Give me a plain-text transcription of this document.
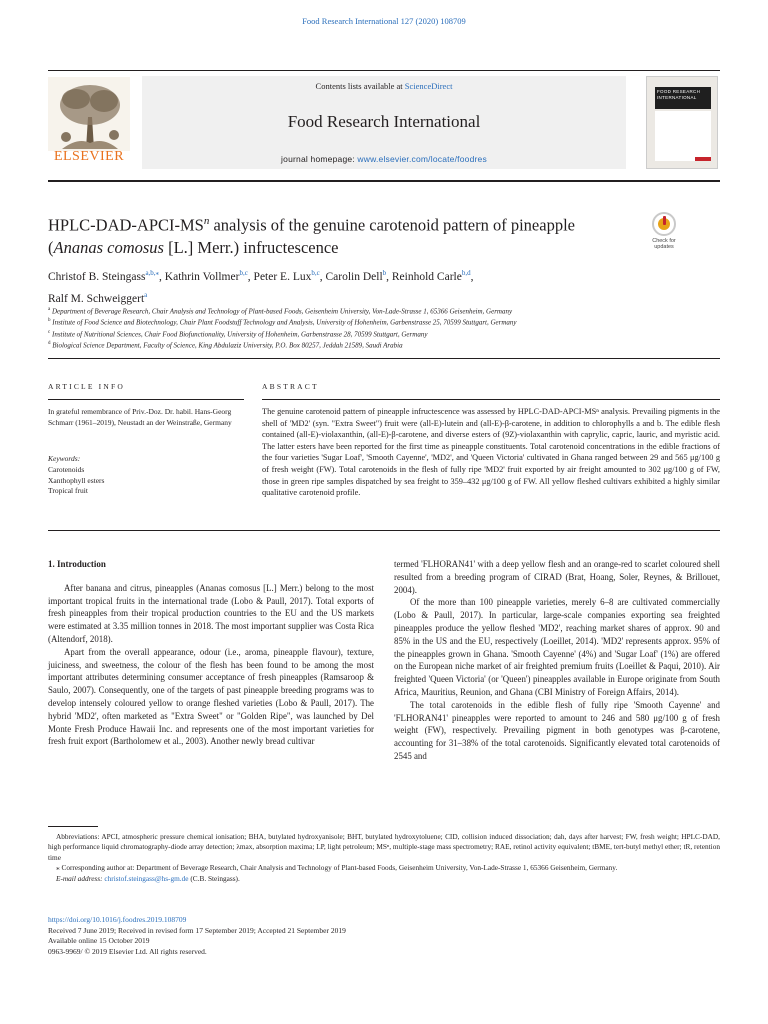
Food Research International 127 (2020) 108709
ELSEVIER
Contents lists available at ScienceDirect
Food Research International
journal homepage: www.elsevier.com/locate/foodres
FOOD RESEARCH INTERNATIONAL
HPLC-$DAD-APCI-MS^n$ analysis of the genuine carotenoid pattern of pineapple (Ananas comosus [L.] Merr.) infructescence	Check for updates
Christof B. Steingass$^{a,b,⁎}$, Kathrin Vollmer$^{b,c}$, Peter E. Lux$^{b,c}$, Carolin Dell$^b$, Reinhold Carle$^{b,d}$,
Ralf M. Schweiggert$^a$
$^a$ Department of Beverage Research, Chair Analysis and Technology of Plant-based Foods, Geisenheim University, Von-Lade-Strasse 1, 65366 Geisenheim, Germany
$^b$ Institute of Food Science and Biotechnology, Chair Plant Foodstuff Technology and Analysis, University of Hohenheim, Garbenstrasse 25, 70599 Stuttgart, Germany
$^c$ Institute of Nutritional Sciences, Chair Food Biofunctionality, University of Hohenheim, Garbenstrasse 28, 70599 Stuttgart, Germany
$^d$ Biological Science Department, Faculty of Science, King Abdulaziz University, P.O. Box 80257, Jeddah 21589, Saudi Arabia
ARTICLE INFO	ABSTRACT
In grateful remembrance of Priv.-Doz. Dr. habil. Hans-Georg Schmarr (1961–2019), Neustadt an der Weinstraße, Germany
Keywords:
Carotenoids
Xanthophyll esters
Tropical fruit
The genuine carotenoid pattern of pineapple infructescence was assessed by HPLC-DAD-APCI-MSⁿ analysis. Prevailing pigments in the shell of 'MD2' (syn. "Extra Sweet") fruit were (all-E)-lutein and (all-E)-β-carotene, in addition to chlorophylls a and b. The edible flesh contained (all-E)-violaxanthin, (all-E)-β-carotene, and diverse esters of (9Z)-violaxanthin with caprylic, capric, lauric, and myristic acid. The latter esters have been reported for the first time as pineapple constituents. Total carotenoid concentrations in the edible fractions of the four varieties 'Sugar Loaf', 'Smooth Cayenne', 'MD2', and 'Queen Victoria' cultivated in Ghana ranged between 29 and 565 μg/100 g of fresh weight (FW). Total carotenoids in the flesh of fully ripe 'MD2' fruit exported by air freight amounted to 302 μg/100 g of FW, those in green ripe samples dispatched by sea freight to 359–432 μg/100 g of FW. All yellow fleshed cultivars exhibited a highly similar qualitative carotenoid profile.
1. Introduction

After banana and citrus, pineapples (Ananas comosus [L.] Merr.) belong to the most important tropical fruits in the international trade (Lobo & Paull, 2017). Total exports of fresh pineapples from their tropical production countries to the EU and the US markets were estimated at 3.35 million tonnes in 2018. The most important supplier was Costa Rica (Altendorf, 2018).

Apart from the overall appearance, odour (i.e., aroma, pineapple flavour), texture, juiciness, and sweetness, the colour of the flesh has been found to be among the most important attributes determining consumer acceptance of fresh pineapples (Ramsaroop & Saulo, 2007). Consequently, one of the targets of past pineapple breeding programs was to develop intensely coloured yellow to orange fleshed varieties (Lobo & Paull, 2017). The hybrid 'MD2', often marketed as "Extra Sweet" or "Golden Ripe", was launched by Del Monte Fresh Produce Hawaii Inc. and represents one of the most important varieties for fresh fruit export (Bartholomew et al., 2003). Another newly bread cultivar

termed 'FLHORAN41' with a deep yellow flesh and an orange-red to scarlet coloured shell resulted from a breeding program of CIRAD (Brat, Hoang, Soler, Reynes, & Brillouet, 2004).

Of the more than 100 pineapple varieties, merely 6–8 are cultivated commercially (Lobo & Paull, 2017). In particular, large-scale companies exporting sea freighted pineapples produce the yellow fleshed 'MD2', reaching market shares of approx. 90 and 85% in the US and the EU, respectively (Loeillet, 2014). 'MD2' represents approx. 95% of the pineapples grown in Ghana. 'Smooth Cayenne' (4%) and 'Sugar Loaf' (1%) are offered on the European niche market of air freighted premium fruits (Loeillet & Paqui, 2010). Air freighted 'Queen Victoria' (or 'Queen') pineapples available in Europe originate from South Africa, Mauritius, Reunion, and Ghana (CBI Ministry of Foreign Affairs, 2014).

The total carotenoids in the edible flesh of fully ripe 'Smooth Cayenne' and 'FLHORAN41' pineapples were reported to amount to 246 and 580 μg/100 g of fresh weight (FW), respectively. Prevailing pigment in both genotypes was β-carotene, accounting for 31–38% of the total carotenoids. Significantly elevated total carotenoids of 2545 and

Abbreviations: APCI, atmospheric pressure chemical ionisation; BHA, butylated hydroxyanisole; BHT, butylated hydroxytoluene; CID, collision induced dissociation; dah, days after harvest; FW, fresh weight; HPLC-DAD, high performance liquid chromatography-diode array detection; λmax, absorption maxima; LP, light petroleum; MSⁿ, multiple-stage mass spectrometry; RAE, retinol activity equivalent; tBME, tert-butyl methyl ether; tR, retention time

⁎ Corresponding author at: Department of Beverage Research, Chair Analysis and Technology of Plant-based Foods, Geisenheim University, Von-Lade-Strasse 1, 65366 Geisenheim, Germany.

E-mail address: christof.steingass@hs-gm.de (C.B. Steingass).

https://doi.org/10.1016/j.foodres.2019.108709
Received 7 June 2019; Received in revised form 17 September 2019; Accepted 21 September 2019
Available online 15 October 2019
0963-9969/ © 2019 Elsevier Ltd. All rights reserved.
